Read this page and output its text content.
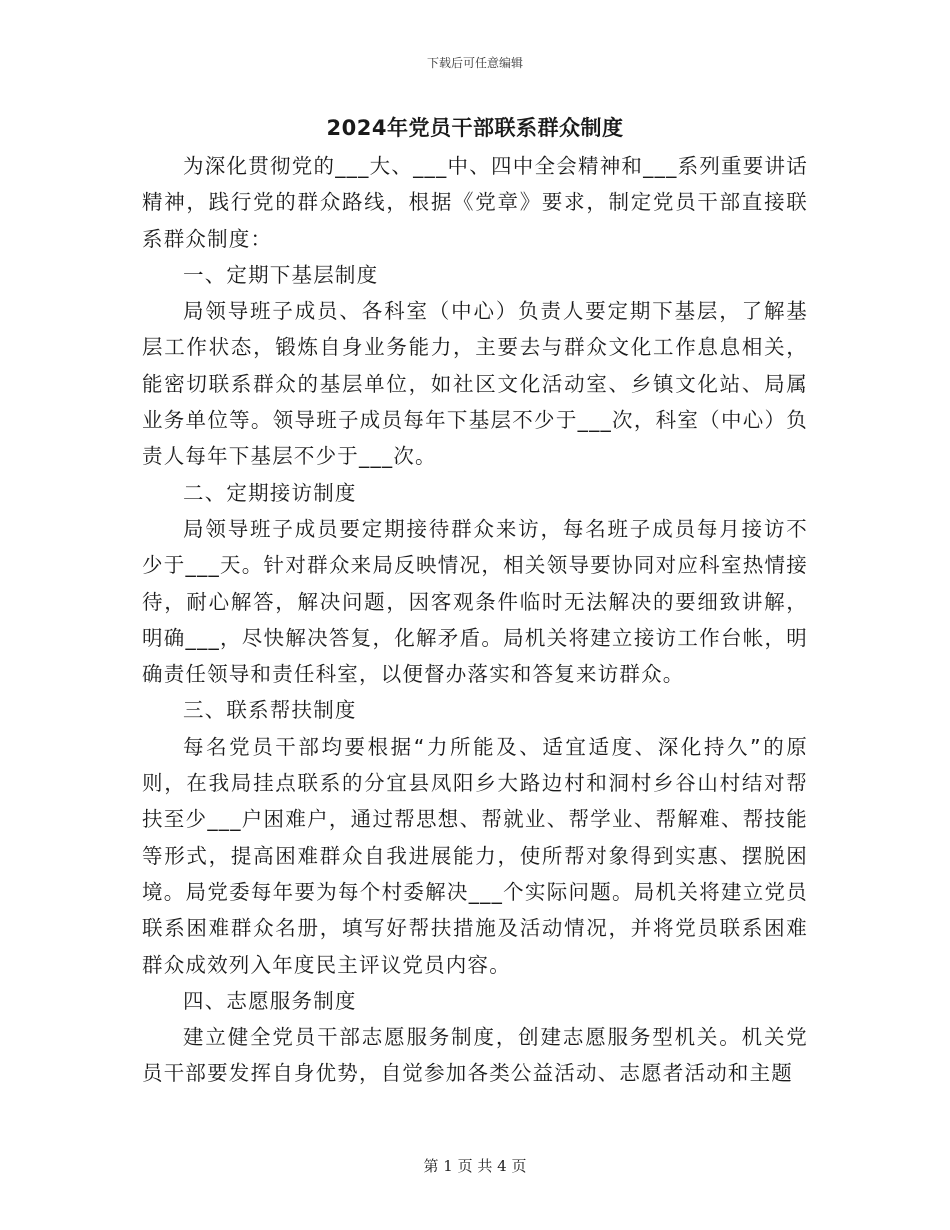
下载后可任意编辑
2024年党员干部联系群众制度

为深化贯彻党的___大、___中、四中全会精神和___系列重要讲话精神，践行党的群众路线，根据《党章》要求，制定党员干部直接联系群众制度：

一、定期下基层制度

局领导班子成员、各科室（中心）负责人要定期下基层，了解基层工作状态，锻炼自身业务能力，主要去与群众文化工作息息相关，能密切联系群众的基层单位，如社区文化活动室、乡镇文化站、局属业务单位等。领导班子成员每年下基层不少于___次，科室（中心）负责人每年下基层不少于___次。

二、定期接访制度

局领导班子成员要定期接待群众来访，每名班子成员每月接访不少于___天。针对群众来局反映情况，相关领导要协同对应科室热情接待，耐心解答，解决问题，因客观条件临时无法解决的要细致讲解，明确___，尽快解决答复，化解矛盾。局机关将建立接访工作台帐，明确责任领导和责任科室，以便督办落实和答复来访群众。

三、联系帮扶制度

每名党员干部均要根据“力所能及、适宜适度、深化持久”的原则，在我局挂点联系的分宜县凤阳乡大路边村和洞村乡谷山村结对帮扶至少___户困难户，通过帮思想、帮就业、帮学业、帮解难、帮技能等形式，提高困难群众自我进展能力，使所帮对象得到实惠、摆脱困境。局党委每年要为每个村委解决___个实际问题。局机关将建立党员联系困难群众名册，填写好帮扶措施及活动情况，并将党员联系困难群众成效列入年度民主评议党员内容。

四、志愿服务制度

建立健全党员干部志愿服务制度，创建志愿服务型机关。机关党员干部要发挥自身优势，自觉参加各类公益活动、志愿者活动和主题

第 1 页 共 4 页
